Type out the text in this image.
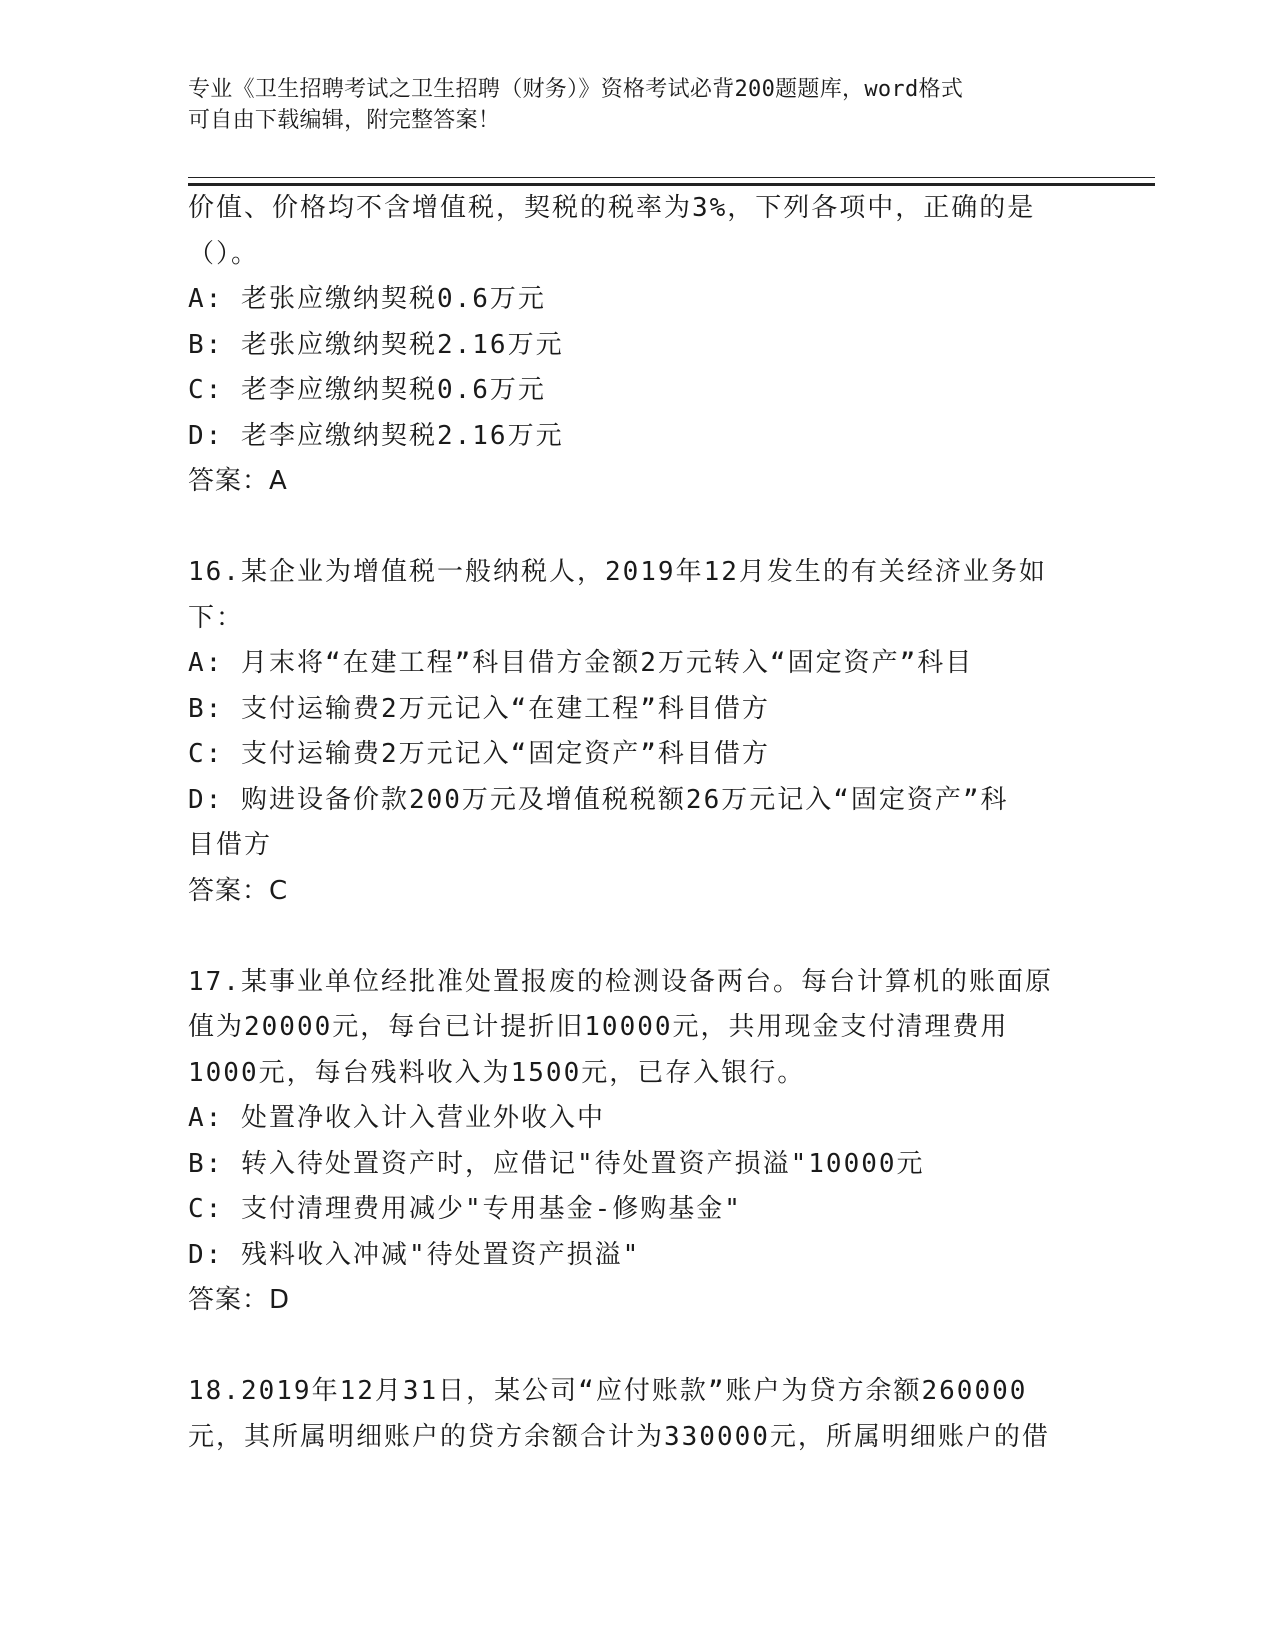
专业《卫生招聘考试之卫生招聘（财务）》资格考试必背200题题库，word格式
可自由下载编辑，附完整答案！

价值、价格均不含增值税，契税的税率为3%，下列各项中，正确的是

（）。

A: 老张应缴纳契税0.6万元

B: 老张应缴纳契税2.16万元

C: 老李应缴纳契税0.6万元

D: 老李应缴纳契税2.16万元

答案：A

16.某企业为增值税一般纳税人，2019年12月发生的有关经济业务如

下：

A: 月末将“在建工程”科目借方金额2万元转入“固定资产”科目

B: 支付运输费2万元记入“在建工程”科目借方

C: 支付运输费2万元记入“固定资产”科目借方

D: 购进设备价款200万元及增值税税额26万元记入“固定资产”科

目借方

答案：C

17.某事业单位经批准处置报废的检测设备两台。每台计算机的账面原

值为20000元，每台已计提折旧10000元，共用现金支付清理费用

1000元，每台残料收入为1500元，已存入银行。

A: 处置净收入计入营业外收入中

B: 转入待处置资产时，应借记"待处置资产损溢"10000元

C: 支付清理费用减少"专用基金-修购基金"

D: 残料收入冲减"待处置资产损溢"

答案：D

18.2019年12月31日，某公司“应付账款”账户为贷方余额260000

元，其所属明细账户的贷方余额合计为330000元，所属明细账户的借
